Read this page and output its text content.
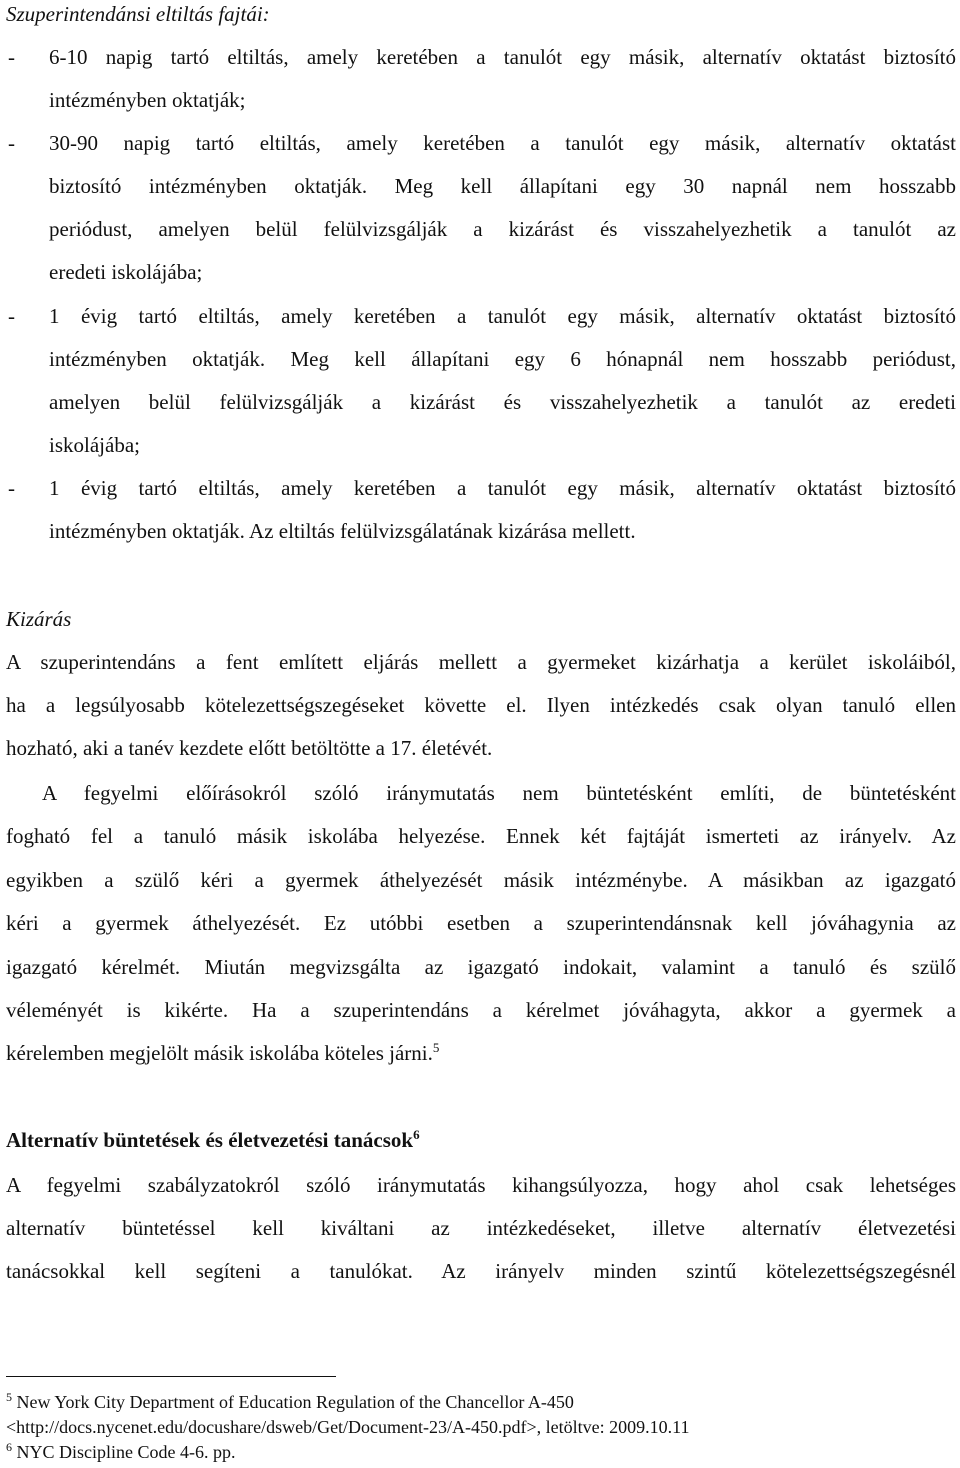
Szuperintendánsi eltiltás fajtái:
- 6-10 napig tartó eltiltás, amely keretében a tanulót egy másik, alternatív oktatást biztosító
intézményben oktatják;
- 30-90 napig tartó eltiltás, amely keretében a tanulót egy másik, alternatív oktatást
biztosító intézményben oktatják. Meg kell állapítani egy 30 napnál nem hosszabb
periódust, amelyen belül felülvizsgálják a kizárást és visszahelyezhetik a tanulót az
eredeti iskolájába;
- 1 évig tartó eltiltás, amely keretében a tanulót egy másik, alternatív oktatást biztosító
intézményben oktatják. Meg kell állapítani egy 6 hónapnál nem hosszabb periódust,
amelyen belül felülvizsgálják a kizárást és visszahelyezhetik a tanulót az eredeti
iskolájába;
- 1 évig tartó eltiltás, amely keretében a tanulót egy másik, alternatív oktatást biztosító
intézményben oktatják. Az eltiltás felülvizsgálatának kizárása mellett.
Kizárás
A szuperintendáns a fent említett eljárás mellett a gyermeket kizárhatja a kerület iskoláiból,
ha a legsúlyosabb kötelezettségszegéseket követte el. Ilyen intézkedés csak olyan tanuló ellen
hozható, aki a tanév kezdete előtt betöltötte a 17. életévét.
A fegyelmi előírásokról szóló iránymutatás nem büntetésként említi, de büntetésként
fogható fel a tanuló másik iskolába helyezése. Ennek két fajtáját ismerteti az irányelv. Az
egyikben a szülő kéri a gyermek áthelyezését másik intézménybe. A másikban az igazgató
kéri a gyermek áthelyezését. Ez utóbbi esetben a szuperintendánsnak kell jóváhagynia az
igazgató kérelmét. Miután megvizsgálta az igazgató indokait, valamint a tanuló és szülő
véleményét is kikérte. Ha a szuperintendáns a kérelmet jóváhagyta, akkor a gyermek a
kérelemben megjelölt másik iskolába köteles járni.$^5$
Alternatív büntetések és életvezetési tanácsok$^6$
A fegyelmi szabályzatokról szóló iránymutatás kihangsúlyozza, hogy ahol csak lehetséges
alternatív büntetéssel kell kiváltani az intézkedéseket, illetve alternatív életvezetési
tanácsokkal kell segíteni a tanulókat. Az irányelv minden szintű kötelezettségszegésnél
$^5$ New York City Department of Education Regulation of the Chancellor A-450
<http://docs.nycenet.edu/docushare/dsweb/Get/Document-23/A-450.pdf>, letöltve: 2009.10.11
$^6$ NYC Discipline Code 4-6. pp.
